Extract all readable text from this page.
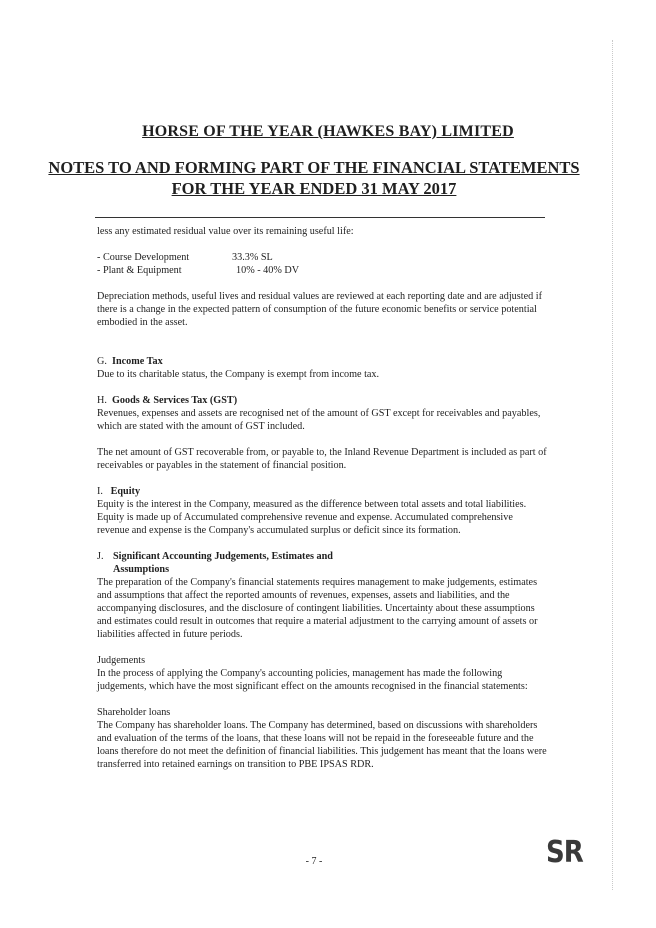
HORSE OF THE YEAR (HAWKES BAY) LIMITED
NOTES TO AND FORMING PART OF THE FINANCIAL STATEMENTS
FOR THE YEAR ENDED 31 MAY 2017

less any estimated residual value over its remaining useful life:

- Course Development	33.3% SL
- Plant & Equipment	10% - 40% DV

Depreciation methods, useful lives and residual values are reviewed at each reporting date and are adjusted if there is a change in the expected pattern of consumption of the future economic benefits or service potential embodied in the asset.

G. Income Tax

Due to its charitable status, the Company is exempt from income tax.

H. Goods & Services Tax (GST)

Revenues, expenses and assets are recognised net of the amount of GST except for receivables and payables, which are stated with the amount of GST included.

The net amount of GST recoverable from, or payable to, the Inland Revenue Department is included as part of receivables or payables in the statement of financial position.

I. Equity

Equity is the interest in the Company, measured as the difference between total assets and total liabilities. Equity is made up of Accumulated comprehensive revenue and expense. Accumulated comprehensive revenue and expense is the Company's accumulated surplus or deficit since its formation.

J. Significant Accounting Judgements, Estimates and
Assumptions

The preparation of the Company's financial statements requires management to make judgements, estimates and assumptions that affect the reported amounts of revenues, expenses, assets and liabilities, and the accompanying disclosures, and the disclosure of contingent liabilities. Uncertainty about these assumptions and estimates could result in outcomes that require a material adjustment to the carrying amount of assets or liabilities affected in future periods.

Judgements

In the process of applying the Company's accounting policies, management has made the following judgements, which have the most significant effect on the amounts recognised in the financial statements:

Shareholder loans

The Company has shareholder loans. The Company has determined, based on discussions with shareholders and evaluation of the terms of the loans, that these loans will not be repaid in the foreseeable future and the loans therefore do not meet the definition of financial liabilities. This judgement has meant that the loans were transferred into retained earnings on transition to PBE IPSAS RDR.

- 7 -	SR
